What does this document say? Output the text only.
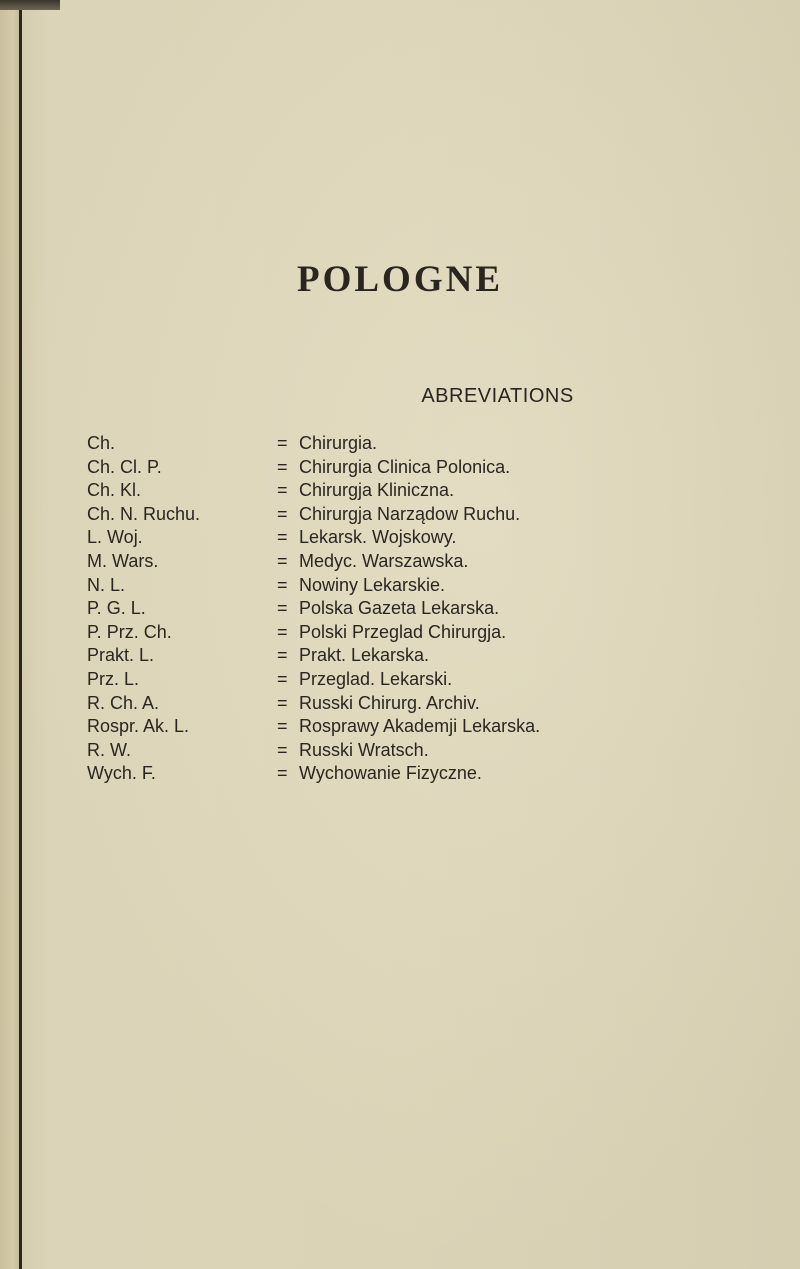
POLOGNE
ABREVIATIONS
Ch.	= Chirurgia.
Ch. Cl. P.	= Chirurgia Clinica Polonica.
Ch. Kl.	= Chirurgja Kliniczna.
Ch. N. Ruchu.	= Chirurgja Narządow Ruchu.
L. Woj.	= Lekarsk. Wojskowy.
M. Wars.	= Medyc. Warszawska.
N. L.	= Nowiny Lekarskie.
P. G. L.	= Polska Gazeta Lekarska.
P. Prz. Ch.	= Polski Przeglad Chirurgja.
Prakt. L.	= Prakt. Lekarska.
Prz. L.	= Przeglad. Lekarski.
R. Ch. A.	= Russki Chirurg. Archiv.
Rospr. Ak. L.	= Rosprawy Akademji Lekarska.
R. W.	= Russki Wratsch.
Wych. F.	= Wychowanie Fizyczne.
